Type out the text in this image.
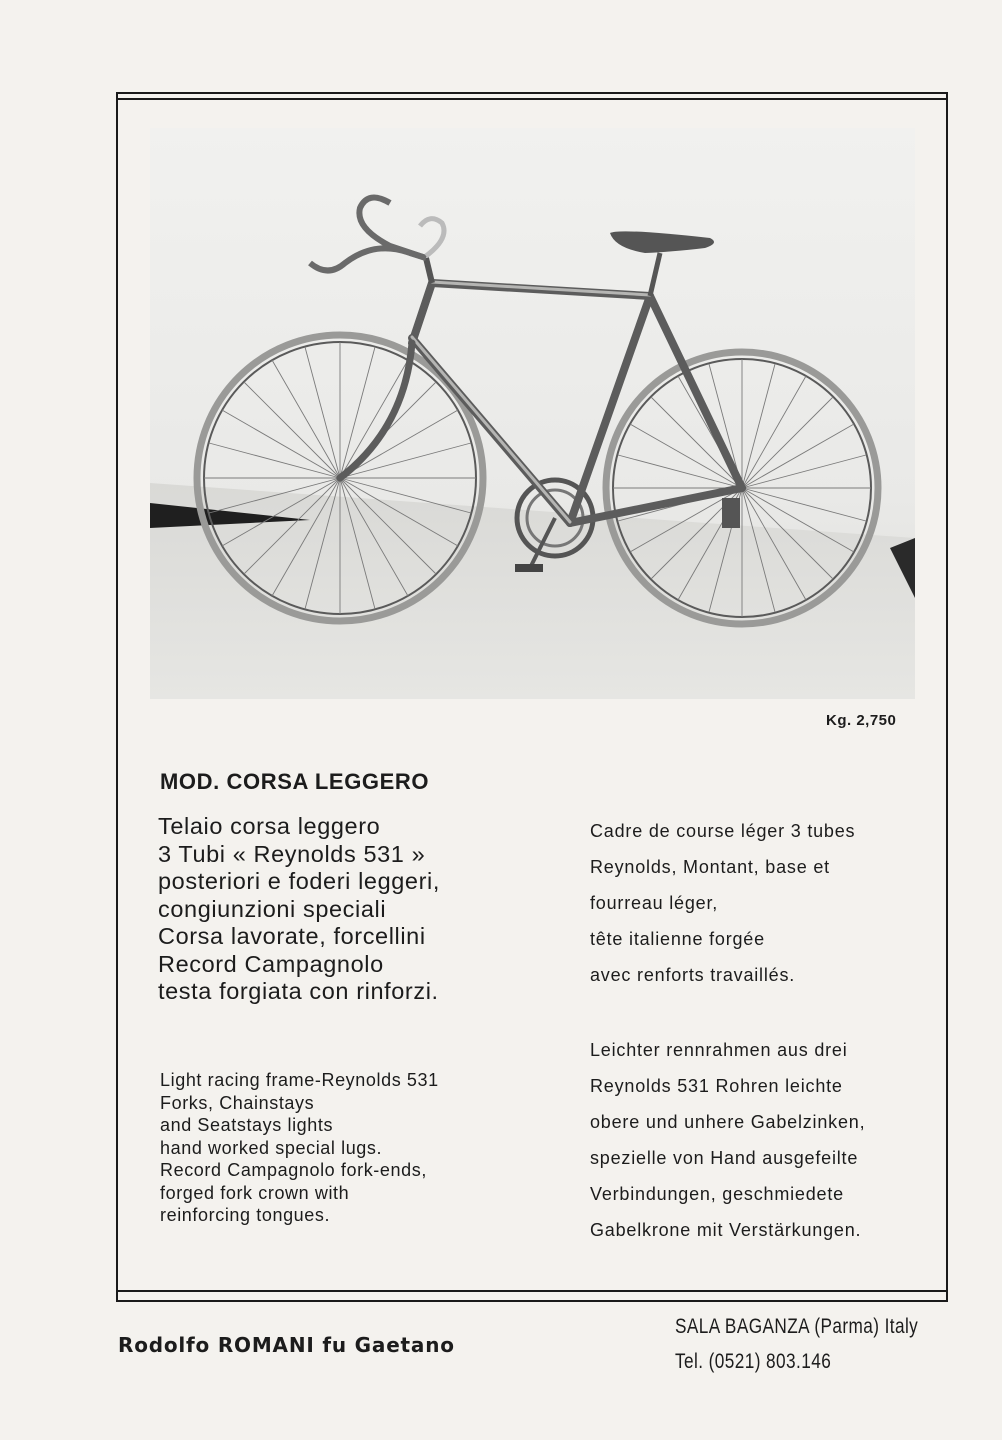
Kg. 2,750
MOD. CORSA LEGGERO

Telaio corsa leggero
3 Tubi « Reynolds 531 »
posteriori e foderi leggeri,
congiunzioni speciali
Corsa lavorate, forcellini
Record Campagnolo
testa forgiata con rinforzi.

Light racing frame-Reynolds 531
Forks, Chainstays
and Seatstays lights
hand worked special lugs.
Record Campagnolo fork-ends,
forged fork crown with
reinforcing tongues.

Cadre de course léger 3 tubes
Reynolds, Montant, base et
fourreau léger,
tête italienne forgée
avec renforts travaillés.

Leichter rennrahmen aus drei
Reynolds 531 Rohren leichte
obere und unhere Gabelzinken,
spezielle von Hand ausgefeilte
Verbindungen, geschmiedete
Gabelkrone mit Verstärkungen.

Rodolfo ROMANI fu Gaetano
SALA BAGANZA (Parma) Italy
Tel. (0521) 803.146
